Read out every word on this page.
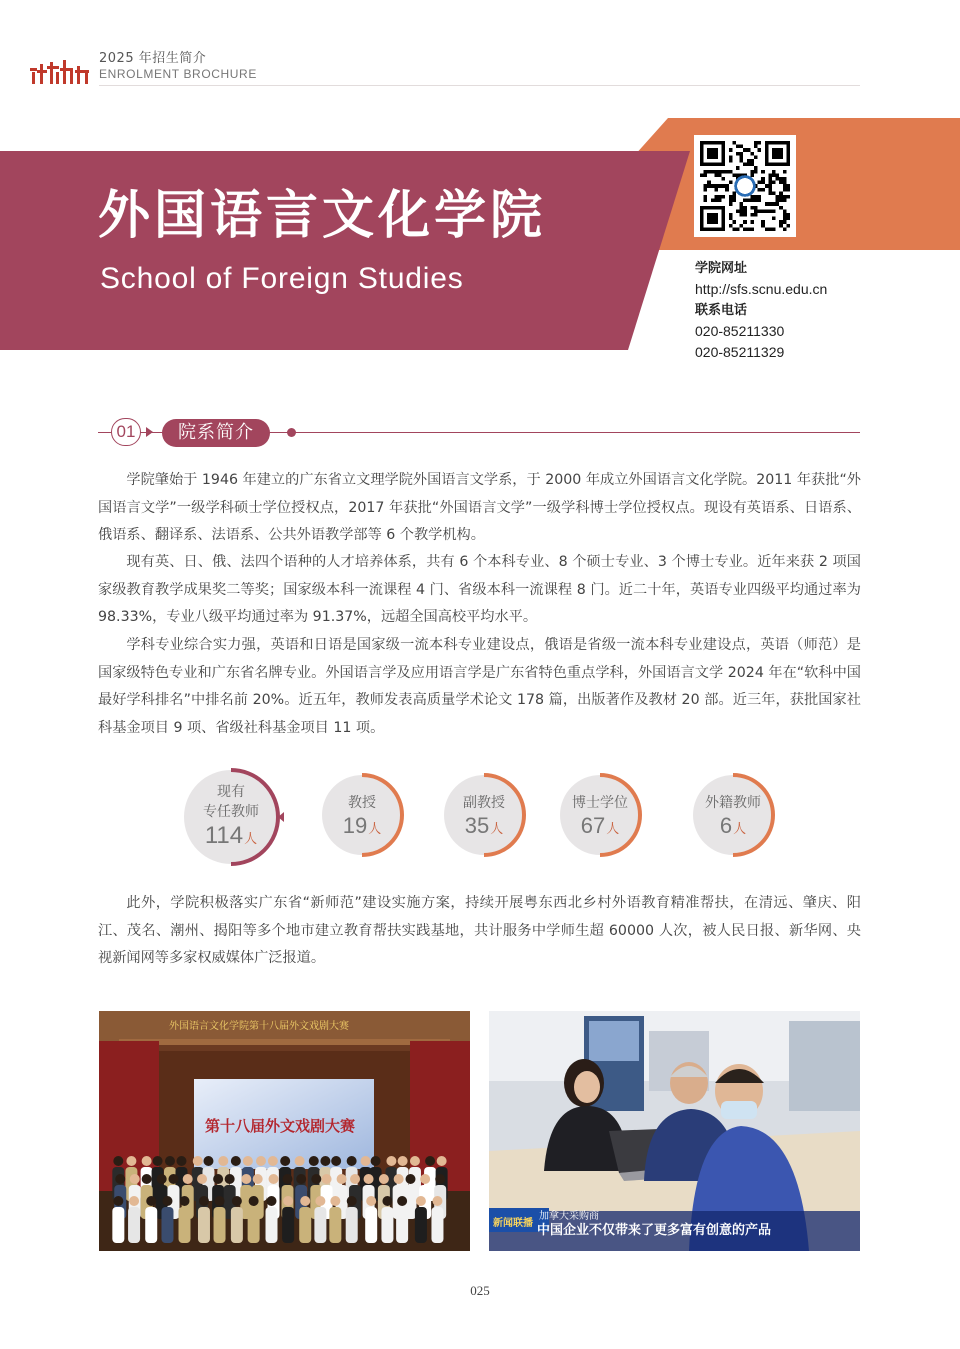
2025 年招生简介
ENROLMENT BROCHURE
外国语言文化学院
School of Foreign Studies	学院网址
http://sfs.scnu.edu.cn
联系电话
020-85211330
020-85211329
01	院系简介

学院肇始于 1946 年建立的广东省立文理学院外国语言文学系，于 2000 年成立外国语言文化学院。2011 年获批“外国语言文学”一级学科硕士学位授权点，2017 年获批“外国语言文学”一级学科博士学位授权点。现设有英语系、日语系、俄语系、翻译系、法语系、公共外语教学部等 6 个教学机构。

现有英、日、俄、法四个语种的人才培养体系，共有 6 个本科专业、8 个硕士专业、3 个博士专业。近年来获 2 项国家级教育教学成果奖二等奖；国家级本科一流课程 4 门、省级本科一流课程 8 门。近二十年，英语专业四级平均通过率为 98.33%，专业八级平均通过率为 91.37%，远超全国高校平均水平。

学科专业综合实力强，英语和日语是国家级一流本科专业建设点，俄语是省级一流本科专业建设点，英语（师范）是国家级特色专业和广东省名牌专业。外国语言学及应用语言学是广东省特色重点学科，外国语言文学 2024 年在“软科中国最好学科排名”中排名前 20%。近五年，教师发表高质量学术论文 178 篇，出版著作及教材 20 部。近三年，获批国家社科基金项目 9 项、省级社科基金项目 11 项。

现有
专任教师
114人
教授
19人
副教授
35人
博士学位
67人
外籍教师
6人

此外，学院积极落实广东省“新师范”建设实施方案，持续开展粤东西北乡村外语教育精准帮扶，在清远、肇庆、阳江、茂名、潮州、揭阳等多个地市建立教育帮扶实践基地，共计服务中学师生超 60000 人次，被人民日报、新华网、央视新闻网等多家权威媒体广泛报道。

外国语言文化学院第十八届外文戏剧大赛
第十八届外文戏剧大赛
加拿大采购商
中国企业不仅带来了更多富有创意的产品
新闻联播
025
